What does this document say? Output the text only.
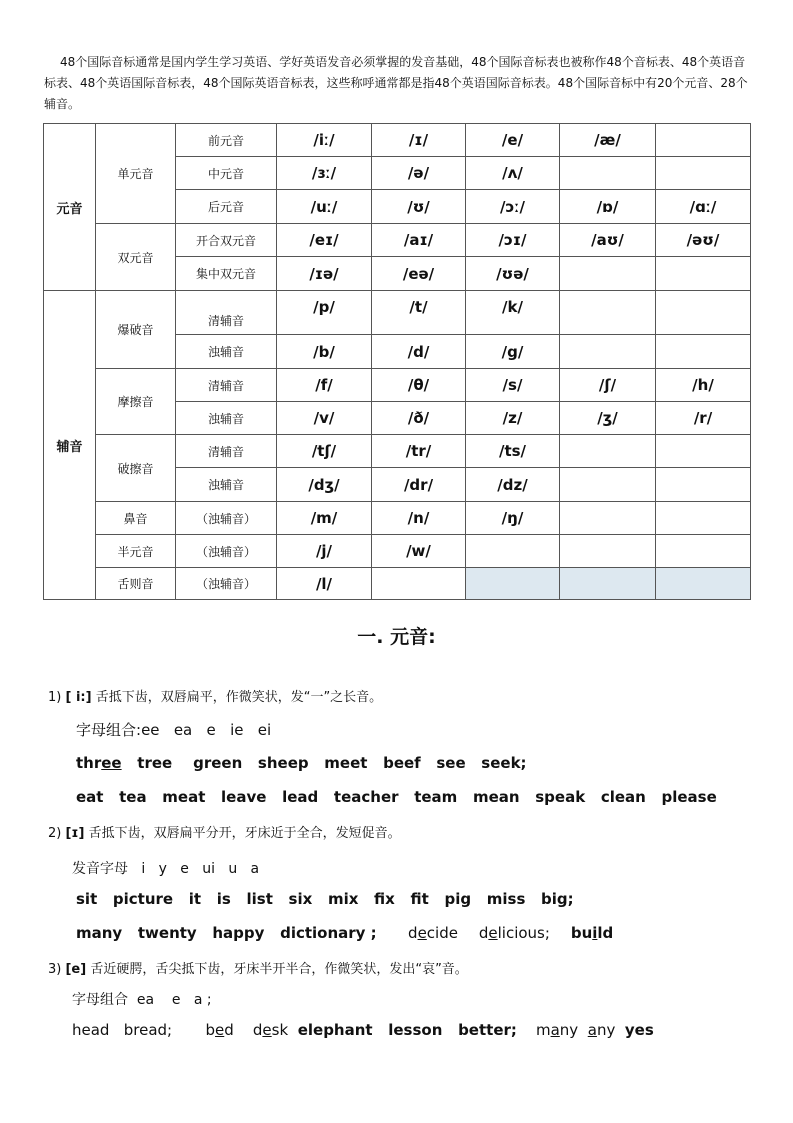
48个国际音标通常是国内学生学习英语、学好英语发音必须掌握的发音基础，48个国际音标表也被称作48个音标表、48个英语音标表、48个英语国际音标表，48个国际英语音标表，这些称呼通常都是指48个英语国际音标表。48个国际音标中有20个元音、28个辅音。

元音	单元音	前元音	/iː/	/ɪ/	/e/	/æ/	
		中元音	/ɜː/	/ə/	/ʌ/		
		后元音	/uː/	/ʊ/	/ɔː/	/ɒ/	/ɑː/
	双元音	开合双元音	/eɪ/	/aɪ/	/ɔɪ/	/aʊ/	/əʊ/
		集中双元音	/ɪə/	/eə/	/ʊə/		
辅音	爆破音	清辅音	/p/	/t/	/k/		
		浊辅音	/b/	/d/	/g/		
	摩擦音	清辅音	/f/	/θ/	/s/	/ʃ/	/h/
		浊辅音	/v/	/ð/	/z/	/ʒ/	/r/
	破擦音	清辅音	/tʃ/	/tr/	/ts/		
		浊辅音	/dʒ/	/dr/	/dz/		
	鼻音	（浊辅音）	/m/	/n/	/ŋ/		
	半元音	（浊辅音）	/j/	/w/			
	舌则音	（浊辅音）	/l/				
一. 元音:
1) [ i:] 舌抵下齿，双唇扁平，作微笑状，发“一”之长音。
字母组合:ee   ea   e   ie   ei
three tree    green   sheep   meet   beef   see   seek;
eat   tea   meat   leave   lead   teacher   team   mean   speak   clean   please
2) [ɪ] 舌抵下齿，双唇扁平分开，牙床近于全合，发短促音。
发音字母 i   y   e   ui   u   a
sit   picture   it   is   list   six   mix   fix   fit   pig   miss   big;
many   twenty   happy   dictionary ; decide delicious; build
3) [e] 舌近硬腭，舌尖抵下齿，牙床半开半合，作微笑状，发出“哀”音。
字母组合 ea    e   a ;
head   bread; bed desk elephant   lesson   better; many any yes
